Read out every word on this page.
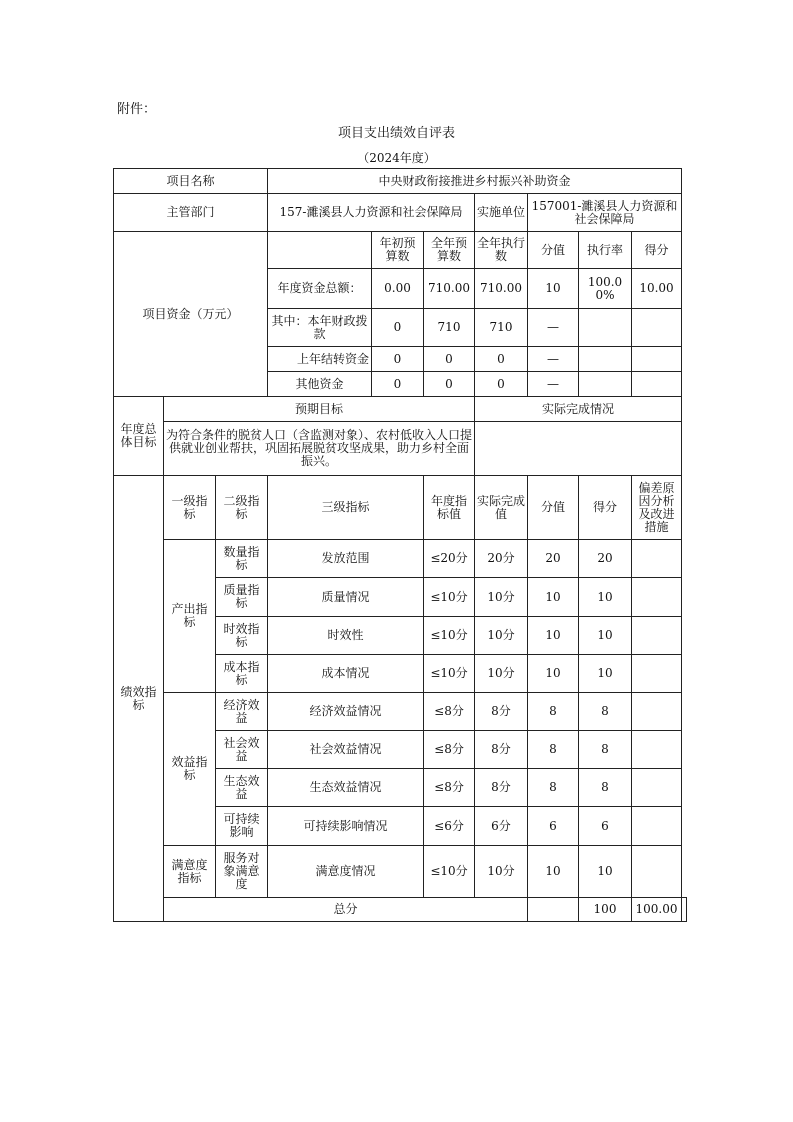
附件：
项目支出绩效自评表
（2024年度）
项目名称			中央财政衔接推进乡村振兴补助资金							
主管部门			157-濉溪县人力资源和社会保障局			实施单位	157001-濉溪县人力资源和社会保障局			
项目资金（万元）				年初预算数	全年预算数	全年执行数	分值	执行率	得分	
			年度资金总额：	0.00	710.00	710.00	10	100.00%	10.00	
			其中：本年财政拨款	0	710	710	—			
			上年结转资金	0	0	0	—			
			其他资金	0	0	0	—			
年度总体目标	预期目标					实际完成情况				
	为符合条件的脱贫人口（含监测对象）、农村低收入人口提供就业创业帮扶，巩固拓展脱贫攻坚成果，助力乡村全面振兴。									
绩效指标	一级指标	二级指标	三级指标		年度指标值	实际完成值	分值	得分	偏差原因分析及改进措施	
	产出指标	数量指标	发放范围		≤20分	20分	20	20		
		质量指标	质量情况		≤10分	10分	10	10		
		时效指标	时效性		≤10分	10分	10	10		
		成本指标	成本情况		≤10分	10分	10	10		
	效益指标	经济效益	经济效益情况		≤8分	8分	8	8		
		社会效益	社会效益情况		≤8分	8分	8	8		
		生态效益	生态效益情况		≤8分	8分	8	8		
		可持续影响	可持续影响情况		≤6分	6分	6	6		
	满意度指标	服务对象满意度	满意度情况		≤10分	10分	10	10		
	总分							100	100.00	
